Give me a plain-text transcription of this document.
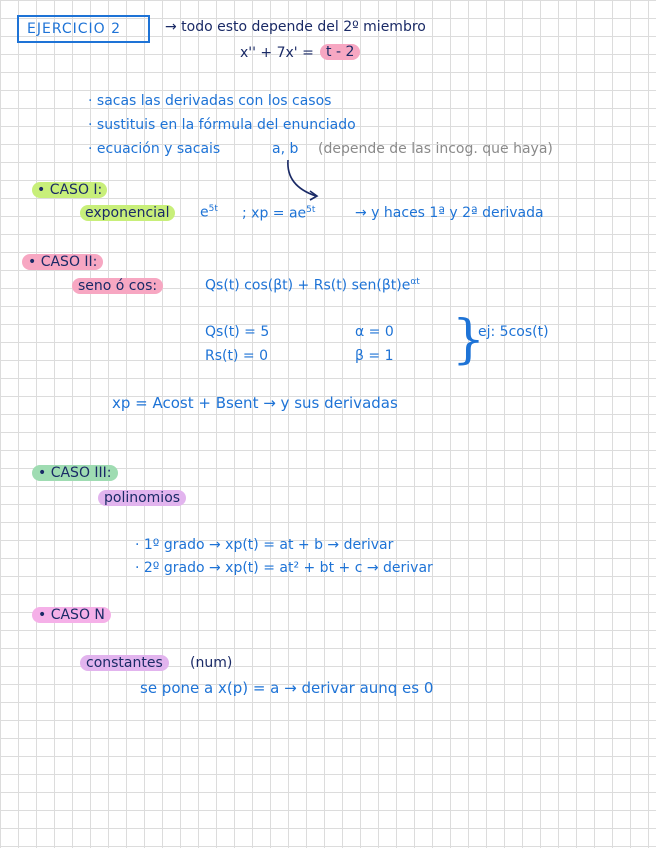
EJERCICIO 2	→ todo esto depende del 2º miembro
x'' + 7x' = t - 2
· sacas las derivadas con los casos
· sustituis en la fórmula del enunciado
· ecuación y sacais	a, b (depende de las incog. que haya)
• CASO I:
exponencial	$e^{5t}$ ; xp = $ae^{5t}$	→ y haces 1ª y 2ª derivada
• CASO II:
seno ó cos:	Qs(t) cos(βt) + Rs(t) $sen(\beta t)e^{\alpha t}$
Qs(t) = 5
Rs(t) = 0
α = 0
β = 1 }
ej: 5cos(t)
xp = Acost + Bsent → y sus derivadas
• CASO III:
polinomios
· 1º grado → xp(t) = at + b → derivar
· 2º grado → xp(t) = at² + bt + c → derivar
• CASO N
constantes	(num)
se pone a x(p) = a → derivar aunq es 0
